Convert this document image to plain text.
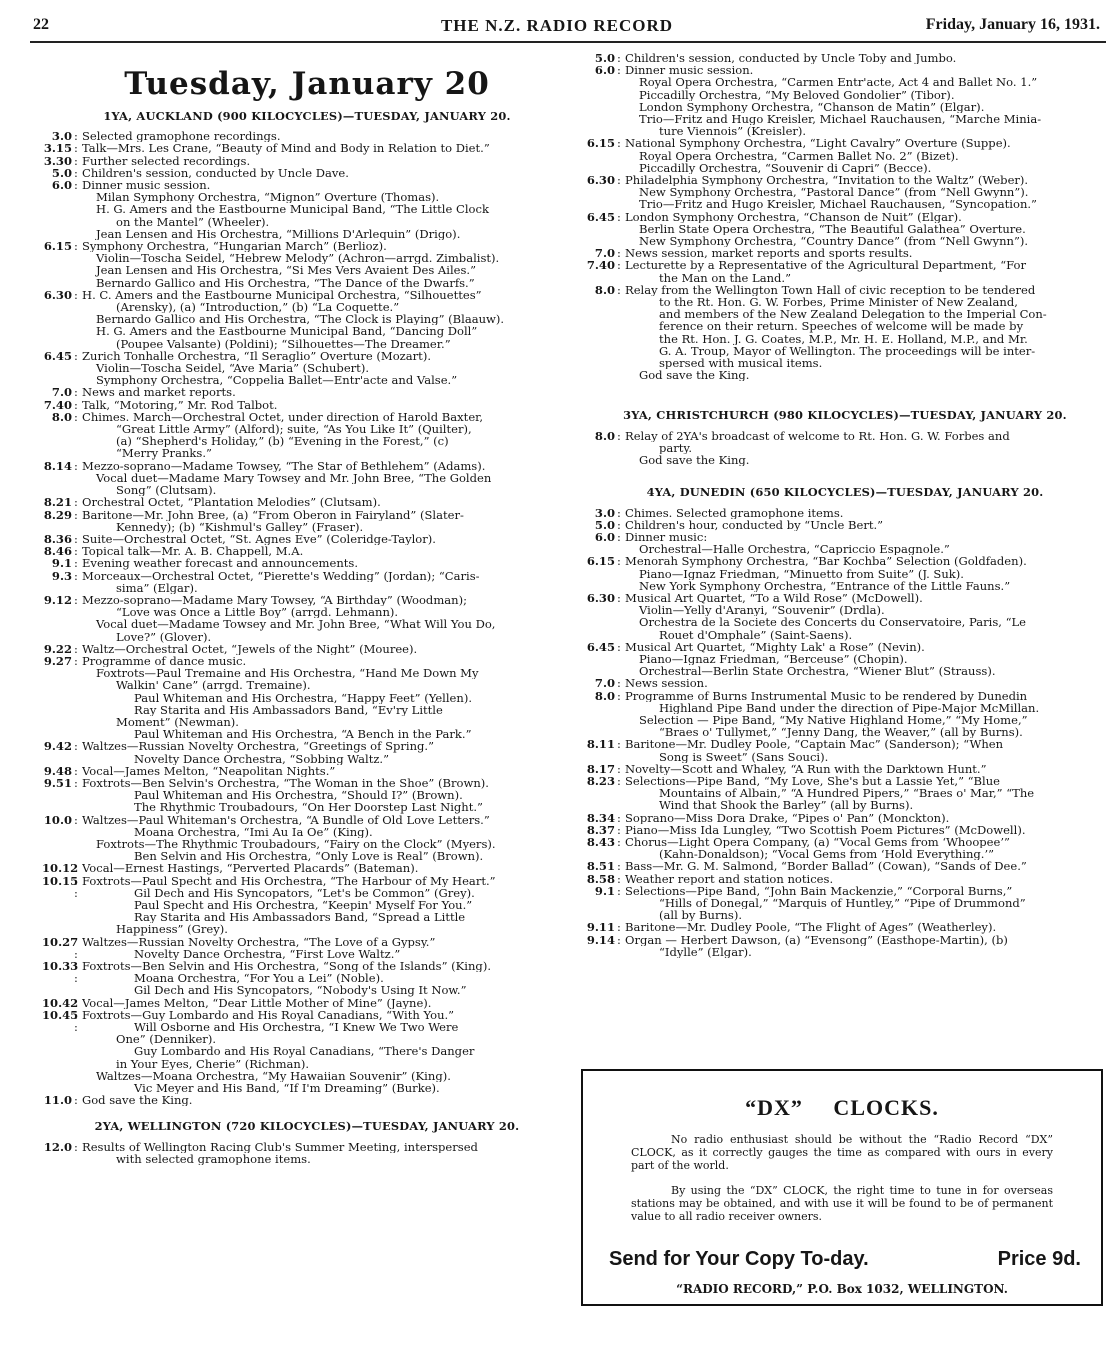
22	THE N.Z. RADIO RECORD	Friday, January 16, 1931.
Tuesday, January 20
1YA, AUCKLAND (900 KILOCYCLES)—TUESDAY, JANUARY 20.
3.0 : Selected gramophone recordings.
3.15 : Talk—Mrs. Les Crane, “Beauty of Mind and Body in Relation to Diet.”
3.30 : Further selected recordings.
5.0 : Children's session, conducted by Uncle Dave.
6.0 : Dinner music session.
Milan Symphony Orchestra, “Mignon” Overture (Thomas).
H. G. Amers and the Eastbourne Municipal Band, “The Little Clock
on the Mantel” (Wheeler).
Jean Lensen and His Orchestra, “Millions D'Arlequin” (Drigo).
6.15 : Symphony Orchestra, “Hungarian March” (Berlioz).
Violin—Toscha Seidel, “Hebrew Melody” (Achron—arrgd. Zimbalist).
Jean Lensen and His Orchestra, “Si Mes Vers Avaient Des Ailes.”
Bernardo Gallico and His Orchestra, “The Dance of the Dwarfs.”
6.30 : H. C. Amers and the Eastbourne Municipal Orchestra, “Silhouettes”
(Arensky), (a) “Introduction,” (b) “La Coquette.”
Bernardo Gallico and His Orchestra, “The Clock is Playing” (Blaauw).
H. G. Amers and the Eastbourne Municipal Band, “Dancing Doll”
(Poupee Valsante) (Poldini); “Silhouettes—The Dreamer.”
6.45 : Zurich Tonhalle Orchestra, “Il Seraglio” Overture (Mozart).
Violin—Toscha Seidel, “Ave Maria” (Schubert).
Symphony Orchestra, “Coppelia Ballet—Entr'acte and Valse.”
7.0 : News and market reports.
7.40 : Talk, “Motoring,” Mr. Rod Talbot.
8.0 : Chimes. March—Orchestral Octet, under direction of Harold Baxter,
“Great Little Army” (Alford); suite, “As You Like It” (Quilter),
(a) “Shepherd's Holiday,” (b) “Evening in the Forest,” (c)
“Merry Pranks.”
8.14 : Mezzo-soprano—Madame Towsey, “The Star of Bethlehem” (Adams).
Vocal duet—Madame Mary Towsey and Mr. John Bree, “The Golden
Song” (Clutsam).
8.21 : Orchestral Octet, “Plantation Melodies” (Clutsam).
8.29 : Baritone—Mr. John Bree, (a) “From Oberon in Fairyland” (Slater-
Kennedy); (b) “Kishmul's Galley” (Fraser).
8.36 : Suite—Orchestral Octet, “St. Agnes Eve” (Coleridge-Taylor).
8.46 : Topical talk—Mr. A. B. Chappell, M.A.
9.1 : Evening weather forecast and announcements.
9.3 : Morceaux—Orchestral Octet, “Pierette's Wedding” (Jordan); “Caris-
sima” (Elgar).
9.12 : Mezzo-soprano—Madame Mary Towsey, “A Birthday” (Woodman);
“Love was Once a Little Boy” (arrgd. Lehmann).
Vocal duet—Madame Towsey and Mr. John Bree, “What Will You Do,
Love?” (Glover).
9.22 : Waltz—Orchestral Octet, “Jewels of the Night” (Mouree).
9.27 : Programme of dance music.
Foxtrots—Paul Tremaine and His Orchestra, “Hand Me Down My
Walkin' Cane” (arrgd. Tremaine).
Paul Whiteman and His Orchestra, “Happy Feet” (Yellen).
Ray Starita and His Ambassadors Band, “Ev'ry Little
Moment” (Newman).
Paul Whiteman and His Orchestra, “A Bench in the Park.”
9.42 : Waltzes—Russian Novelty Orchestra, “Greetings of Spring.”
Novelty Dance Orchestra, “Sobbing Waltz.”
9.48 : Vocal—James Melton, “Neapolitan Nights.”
9.51 : Foxtrots—Ben Selvin's Orchestra, “The Woman in the Shoe” (Brown).
Paul Whiteman and His Orchestra, “Should I?” (Brown).
The Rhythmic Troubadours, “On Her Doorstep Last Night.”
10.0 : Waltzes—Paul Whiteman's Orchestra, “A Bundle of Old Love Letters.”
Moana Orchestra, “Imi Au Ia Oe” (King).
Foxtrots—The Rhythmic Troubadours, “Fairy on the Clock” (Myers).
Ben Selvin and His Orchestra, “Only Love is Real” (Brown).
10.12 : Vocal—Ernest Hastings, “Perverted Placards” (Bateman).
10.15 : Foxtrots—Paul Specht and His Orchestra, “The Harbour of My Heart.”
Gil Dech and His Syncopators, “Let's be Common” (Grey).
Paul Specht and His Orchestra, “Keepin' Myself For You.”
Ray Starita and His Ambassadors Band, “Spread a Little
Happiness” (Grey).
10.27 : Waltzes—Russian Novelty Orchestra, “The Love of a Gypsy.”
Novelty Dance Orchestra, “First Love Waltz.”
10.33 : Foxtrots—Ben Selvin and His Orchestra, “Song of the Islands” (King).
Moana Orchestra, “For You a Lei” (Noble).
Gil Dech and His Syncopators, “Nobody's Using It Now.”
10.42 : Vocal—James Melton, “Dear Little Mother of Mine” (Jayne).
10.45 : Foxtrots—Guy Lombardo and His Royal Canadians, “With You.”
Will Osborne and His Orchestra, “I Knew We Two Were
One” (Denniker).
Guy Lombardo and His Royal Canadians, “There's Danger
in Your Eyes, Cherie” (Richman).
Waltzes—Moana Orchestra, “My Hawaiian Souvenir” (King).
Vic Meyer and His Band, “If I'm Dreaming” (Burke).
11.0 : God save the King.
2YA, WELLINGTON (720 KILOCYCLES)—TUESDAY, JANUARY 20.
12.0 : Results of Wellington Racing Club's Summer Meeting, interspersed
with selected gramophone items.
5.0 : Children's session, conducted by Uncle Toby and Jumbo.
6.0 : Dinner music session.
Royal Opera Orchestra, “Carmen Entr'acte, Act 4 and Ballet No. 1.”
Piccadilly Orchestra, “My Beloved Gondolier” (Tibor).
London Symphony Orchestra, “Chanson de Matin” (Elgar).
Trio—Fritz and Hugo Kreisler, Michael Rauchausen, “Marche Minia-
ture Viennois” (Kreisler).
6.15 : National Symphony Orchestra, “Light Cavalry” Overture (Suppe).
Royal Opera Orchestra, “Carmen Ballet No. 2” (Bizet).
Piccadilly Orchestra, “Souvenir di Capri” (Becce).
6.30 : Philadelphia Symphony Orchestra, “Invitation to the Waltz” (Weber).
New Symphony Orchestra, “Pastoral Dance” (from “Nell Gwynn”).
Trio—Fritz and Hugo Kreisler, Michael Rauchausen, “Syncopation.”
6.45 : London Symphony Orchestra, “Chanson de Nuit” (Elgar).
Berlin State Opera Orchestra, “The Beautiful Galathea” Overture.
New Symphony Orchestra, “Country Dance” (from “Nell Gwynn”).
7.0 : News session, market reports and sports results.
7.40 : Lecturette by a Representative of the Agricultural Department, “For
the Man on the Land.”
8.0 : Relay from the Wellington Town Hall of civic reception to be tendered
to the Rt. Hon. G. W. Forbes, Prime Minister of New Zealand,
and members of the New Zealand Delegation to the Imperial Con-
ference on their return. Speeches of welcome will be made by
the Rt. Hon. J. G. Coates, M.P., Mr. H. E. Holland, M.P., and Mr.
G. A. Troup, Mayor of Wellington. The proceedings will be inter-
spersed with musical items.
God save the King.
3YA, CHRISTCHURCH (980 KILOCYCLES)—TUESDAY, JANUARY 20.
8.0 : Relay of 2YA's broadcast of welcome to Rt. Hon. G. W. Forbes and
party.
God save the King.
4YA, DUNEDIN (650 KILOCYCLES)—TUESDAY, JANUARY 20.
3.0 : Chimes. Selected gramophone items.
5.0 : Children's hour, conducted by “Uncle Bert.”
6.0 : Dinner music:
Orchestral—Halle Orchestra, “Capriccio Espagnole.”
6.15 : Menorah Symphony Orchestra, “Bar Kochba” Selection (Goldfaden).
Piano—Ignaz Friedman, “Minuetto from Suite” (J. Suk).
New York Symphony Orchestra, “Entrance of the Little Fauns.”
6.30 : Musical Art Quartet, “To a Wild Rose” (McDowell).
Violin—Yelly d'Aranyi, “Souvenir” (Drdla).
Orchestra de la Societe des Concerts du Conservatoire, Paris, “Le
Rouet d'Omphale” (Saint-Saens).
6.45 : Musical Art Quartet, “Mighty Lak' a Rose” (Nevin).
Piano—Ignaz Friedman, “Berceuse” (Chopin).
Orchestral—Berlin State Orchestra, “Wiener Blut” (Strauss).
7.0 : News session.
8.0 : Programme of Burns Instrumental Music to be rendered by Dunedin
Highland Pipe Band under the direction of Pipe-Major McMillan.
Selection — Pipe Band, “My Native Highland Home,” “My Home,”
“Braes o' Tullymet,” “Jenny Dang, the Weaver,” (all by Burns).
8.11 : Baritone—Mr. Dudley Poole, “Captain Mac” (Sanderson); “When
Song is Sweet” (Sans Souci).
8.17 : Novelty—Scott and Whaley, “A Run with the Darktown Hunt.”
8.23 : Selections—Pipe Band, “My Love, She's but a Lassie Yet,” “Blue
Mountains of Albain,” “A Hundred Pipers,” “Braes o' Mar,” “The
Wind that Shook the Barley” (all by Burns).
8.34 : Soprano—Miss Dora Drake, “Pipes o' Pan” (Monckton).
8.37 : Piano—Miss Ida Lungley, “Two Scottish Poem Pictures” (McDowell).
8.43 : Chorus—Light Opera Company, (a) “Vocal Gems from ‘Whoopee’”
(Kahn-Donaldson); “Vocal Gems from ‘Hold Everything.’”
8.51 : Bass—Mr. G. M. Salmond, “Border Ballad” (Cowan), “Sands of Dee.”
8.58 : Weather report and station notices.
9.1 : Selections—Pipe Band, “John Bain Mackenzie,” “Corporal Burns,”
“Hills of Donegal,” “Marquis of Huntley,” “Pipe of Drummond”
(all by Burns).
9.11 : Baritone—Mr. Dudley Poole, “The Flight of Ages” (Weatherley).
9.14 : Organ — Herbert Dawson, (a) “Evensong” (Easthope-Martin), (b)
“Idylle” (Elgar).
“DX” CLOCKS.
No radio enthusiast should be without the “Radio Record “DX” CLOCK, as it correctly gauges the time as compared with ours in every part of the world.
By using the “DX” CLOCK, the right time to tune in for overseas stations may be obtained, and with use it will be found to be of permanent value to all radio receiver owners.
Send for Your Copy To-day.	Price 9d.
“RADIO RECORD,” P.O. Box 1032, WELLINGTON.
